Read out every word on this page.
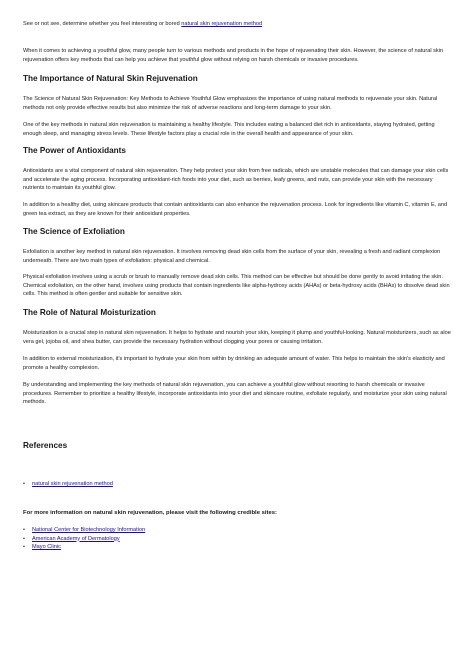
See or not see, determine whether you feel interesting or bored natural skin rejuvenation method

When it comes to achieving a youthful glow, many people turn to various methods and products in the hope of rejuvenating their skin. However, the science of natural skin rejuvenation offers key methods that can help you achieve that youthful glow without relying on harsh chemicals or invasive procedures.

The Importance of Natural Skin Rejuvenation

The Science of Natural Skin Rejuvenation: Key Methods to Achieve Youthful Glow emphasizes the importance of using natural methods to rejuvenate your skin. Natural methods not only provide effective results but also minimize the risk of adverse reactions and long-term damage to your skin.

One of the key methods in natural skin rejuvenation is maintaining a healthy lifestyle. This includes eating a balanced diet rich in antioxidants, staying hydrated, getting enough sleep, and managing stress levels. These lifestyle factors play a crucial role in the overall health and appearance of your skin.

The Power of Antioxidants

Antioxidants are a vital component of natural skin rejuvenation. They help protect your skin from free radicals, which are unstable molecules that can damage your skin cells and accelerate the aging process. Incorporating antioxidant-rich foods into your diet, such as berries, leafy greens, and nuts, can provide your skin with the necessary nutrients to maintain its youthful glow.

In addition to a healthy diet, using skincare products that contain antioxidants can also enhance the rejuvenation process. Look for ingredients like vitamin C, vitamin E, and green tea extract, as they are known for their antioxidant properties.

The Science of Exfoliation

Exfoliation is another key method in natural skin rejuvenation. It involves removing dead skin cells from the surface of your skin, revealing a fresh and radiant complexion underneath. There are two main types of exfoliation: physical and chemical.

Physical exfoliation involves using a scrub or brush to manually remove dead skin cells. This method can be effective but should be done gently to avoid irritating the skin. Chemical exfoliation, on the other hand, involves using products that contain ingredients like alpha-hydroxy acids (AHAs) or beta-hydroxy acids (BHAs) to dissolve dead skin cells. This method is often gentler and suitable for sensitive skin.

The Role of Natural Moisturization

Moisturization is a crucial step in natural skin rejuvenation. It helps to hydrate and nourish your skin, keeping it plump and youthful-looking. Natural moisturizers, such as aloe vera gel, jojoba oil, and shea butter, can provide the necessary hydration without clogging your pores or causing irritation.

In addition to external moisturization, it's important to hydrate your skin from within by drinking an adequate amount of water. This helps to maintain the skin's elasticity and promote a healthy complexion.

By understanding and implementing the key methods of natural skin rejuvenation, you can achieve a youthful glow without resorting to harsh chemicals or invasive procedures. Remember to prioritize a healthy lifestyle, incorporate antioxidants into your diet and skincare routine, exfoliate regularly, and moisturize your skin using natural methods.

References
• natural skin rejuvenation method
For more information on natural skin rejuvenation, please visit the following credible sites:
• National Center for Biotechnology Information
• American Academy of Dermatology
• Mayo Clinic
